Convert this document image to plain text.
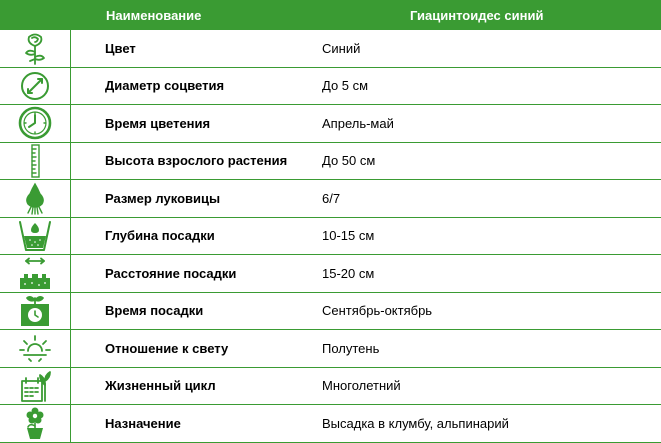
Наименование	Гиацинтоидес синий
Цвет	Синий
Диаметр соцветия	До 5 см
Время цветения	Апрель-май
Высота взрослого растения	До 50 см
Размер луковицы	6/7
Глубина посадки	10-15 см
Расстояние посадки	15-20 см
Время посадки	Сентябрь-октябрь
Отношение к свету	Полутень
Жизненный цикл	Многолетний
Назначение	Высадка в клумбу, альпинарий
